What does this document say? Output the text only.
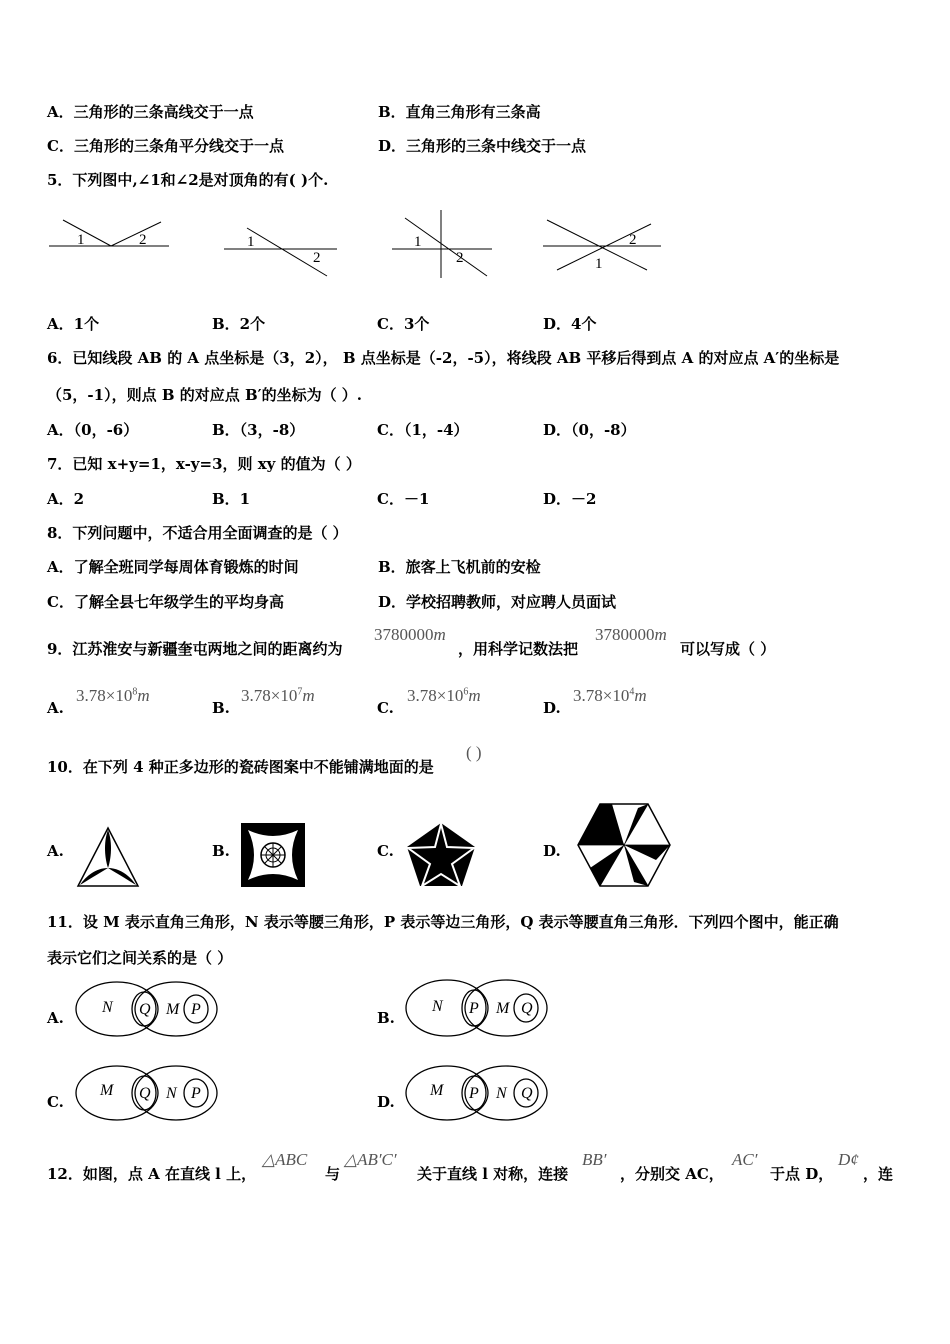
A．三角形的三条高线交于一点	B．直角三角形有三条高
C．三角形的三条角平分线交于一点	D．三角形的三条中线交于一点
5．下列图中,∠1和∠2是对顶角的有( )个.
1	2	1
2
1
2	1
2
A．1个	B．2个	C．3个	D．4个
6．已知线段 AB 的 A 点坐标是（3，2）， B 点坐标是（-2，-5），将线段 AB 平移后得到点 A 的对应点 A′的坐标是
（5，-1），则点 B 的对应点 B′的坐标为（ ）.
A．（0，-6）	B．（3，-8）	C．（1，-4）	D．（0，-8）
7．已知 x+y=1，x-y=3，则 xy 的值为（ ）
A．2	B．1	C．－1	D．－2
8．下列问题中，不适合用全面调查的是（ ）
A．了解全班同学每周体育锻炼的时间	B．旅客上飞机前的安检
C．了解全县七年级学生的平均身高	D．学校招聘教师，对应聘人员面试
9．江苏淮安与新疆奎屯两地之间的距离约为
3780000m
，用科学记数法把
3780000m
可以写成（ ）
A.
$3.78\times 10^8m$
B.
$3.78\times 10^7m$
C.
$3.78\times 10^6m$
D.
$3.78\times 10^4m$
10．在下列 4 种正多边形的瓷砖图案中不能铺满地面的是
( )
A.	B.	C.	D.
11．设 M 表示直角三角形，N 表示等腰三角形，P 表示等边三角形，Q 表示等腰直角三角形．下列四个图中，能正确
表示它们之间关系的是（ ）
A.
N Q M P	B.
N P M Q
C.
M Q N P	D.
M P N Q
12．如图，点 A 在直线 l 上，
△ABC
与
△AB′C′
关于直线 l 对称，连接
BB′
，分别交 AC，
AC′
于点 D，
D¢
，连
